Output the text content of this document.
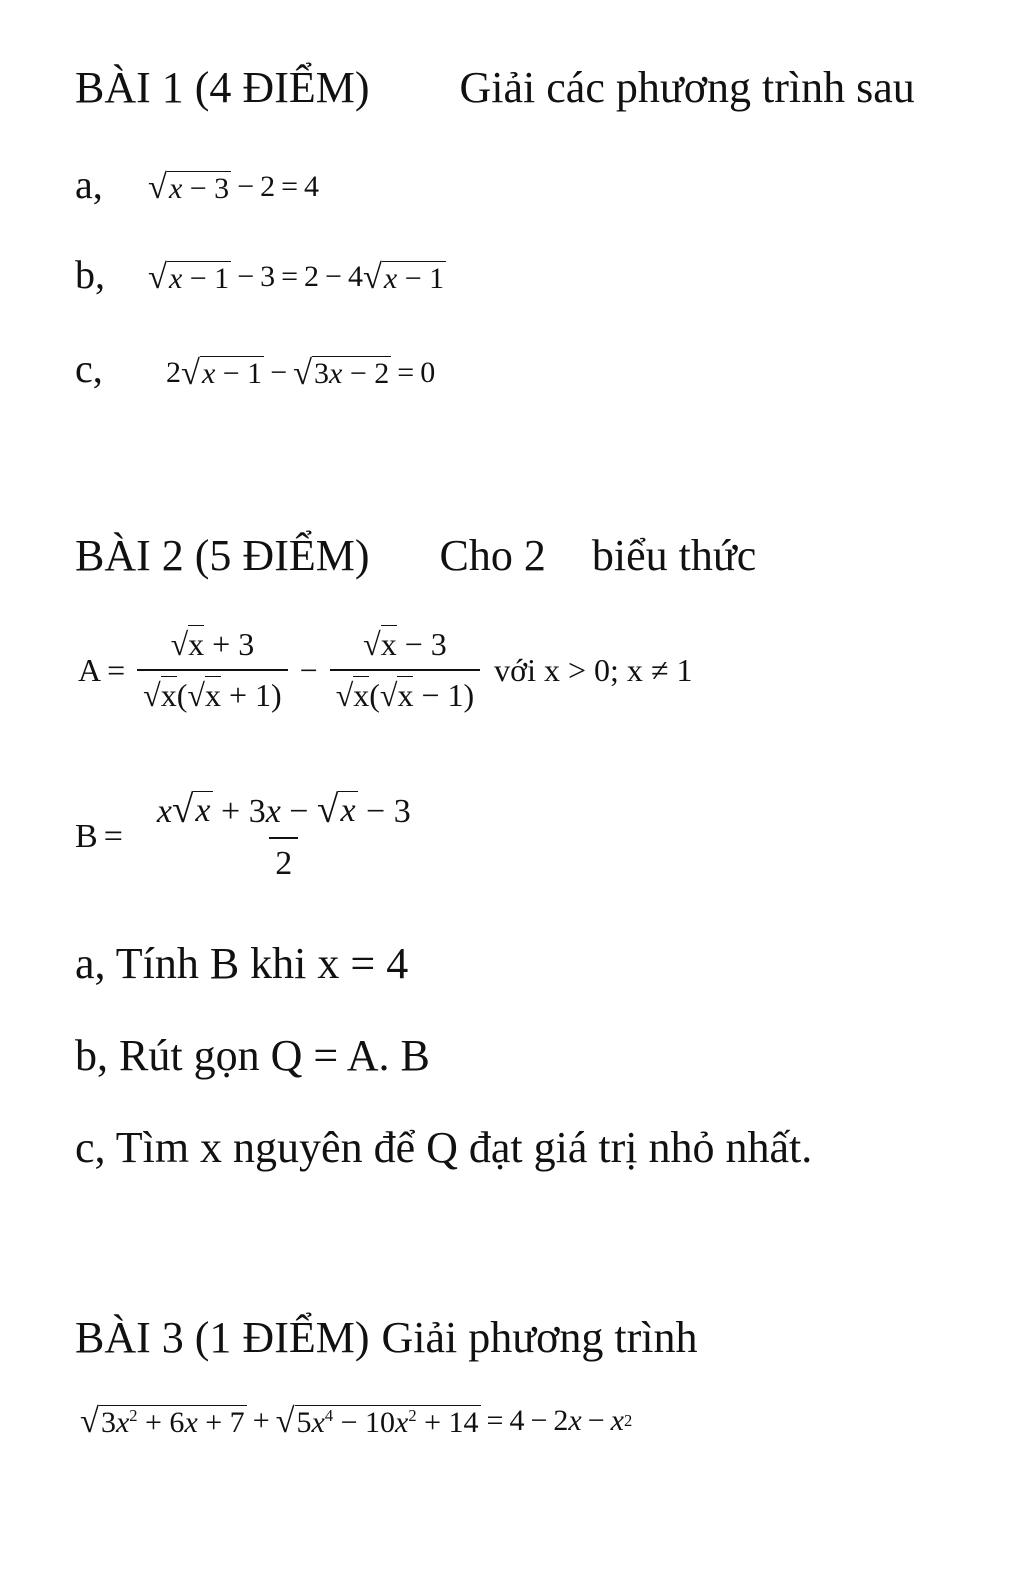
BÀI 1 (4 ĐIỂM) Giải các phương trình sau
a, √ x − 3 − 2 = 4
b, √ x − 1 − 3 = 2 − 4 √ x − 1
c, 2 √ x − 1 − √ 3x − 2 = 0
BÀI 2 (5 ĐIỂM) Cho 2 biểu thức
$A = \frac{√x + 3}{√x(√x + 1)} - \frac{√x - 3}{√x(√x - 1)}$ với x > 0; x ≠ 1
$B = \frac{x √ x + 3x - √ x - 3}{2}$
a, Tính B khi x = 4
b, Rút gọn Q = A. B
c, Tìm x nguyên để Q đạt giá trị nhỏ nhất.
BÀI 3 (1 ĐIỂM) Giải phương trình
√ $3x^2 + 6x + 7$ + √ $5x^4 - 10x^2 + 14 = 4 - 2$ x − x 2
